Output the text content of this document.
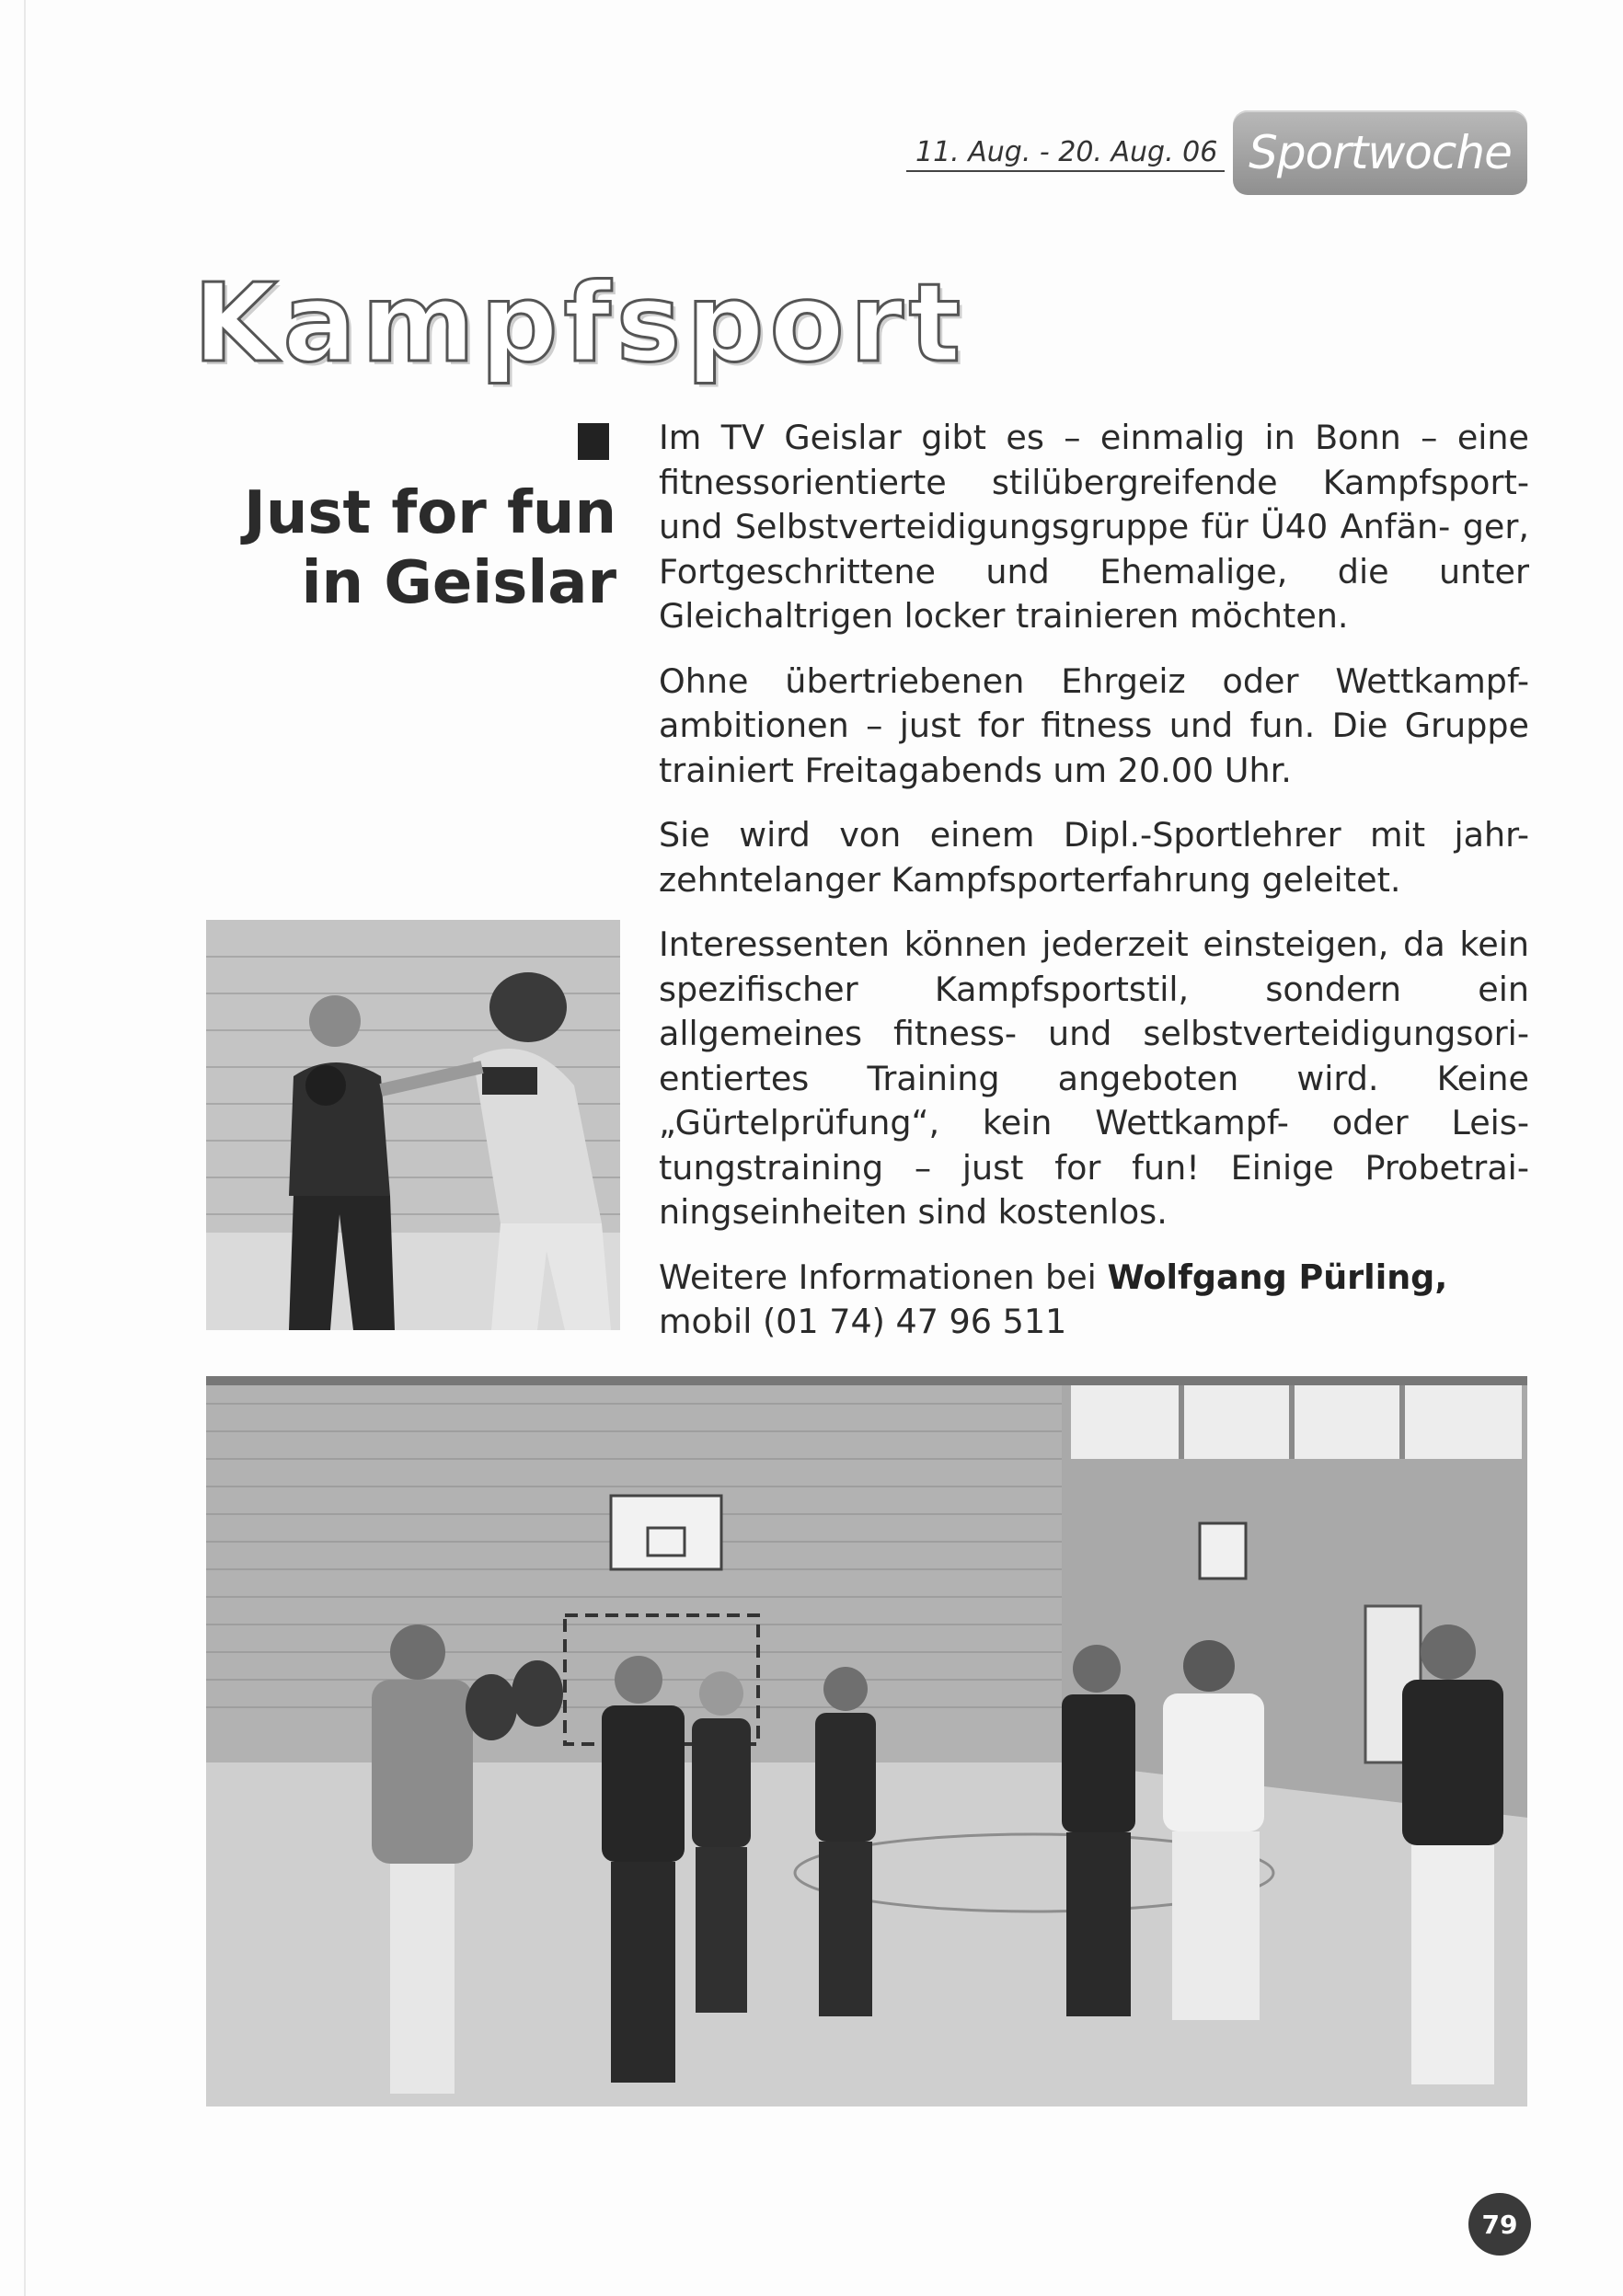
11. Aug. - 20. Aug. 06 Sportwoche
Kampfsport
Just for fun
in Geislar

Im TV Geislar gibt es – einmalig in Bonn – eine fitnessorientierte stilübergreifende Kampfsport- und Selbstverteidigungsgruppe für Ü40 Anfän- ger, Fortgeschrittene und Ehemalige, die unter Gleichaltrigen locker trainieren möchten.

Ohne übertriebenen Ehrgeiz oder Wettkampf- ambitionen – just for fitness und fun. Die Gruppe trainiert Freitagabends um 20.00 Uhr.

Sie wird von einem Dipl.-Sportlehrer mit jahr- zehntelanger Kampfsporterfahrung geleitet.

Interessenten können jederzeit einsteigen, da kein spezifischer Kampfsportstil, sondern ein allgemeines fitness- und selbstverteidigungsori- entiertes Training angeboten wird. Keine „Gürtelprüfung“, kein Wettkampf- oder Leis- tungstraining – just for fun! Einige Probetrai- ningseinheiten sind kostenlos.

Weitere Informationen bei Wolfgang Pürling,
mobil (01 74) 47 96 511

79
